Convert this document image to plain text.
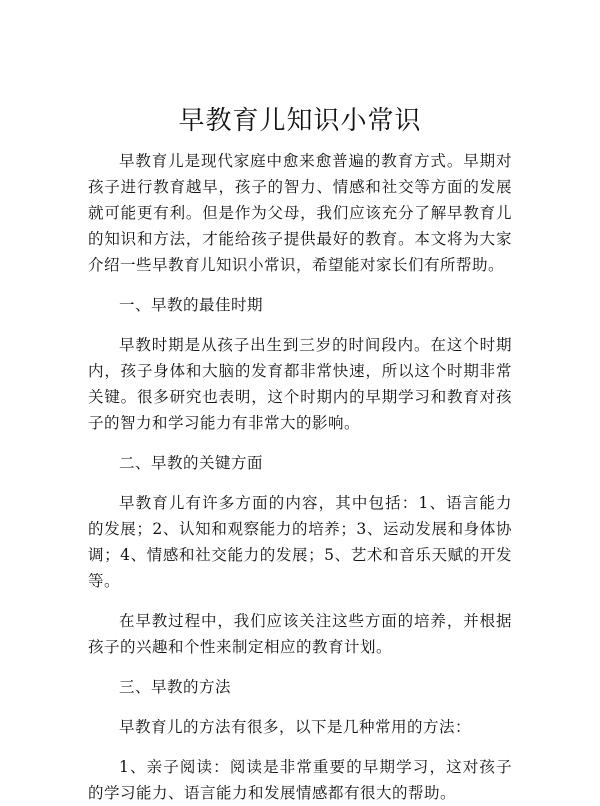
早教育儿知识小常识

早教育儿是现代家庭中愈来愈普遍的教育方式。早期对孩子进行教育越早，孩子的智力、情感和社交等方面的发展就可能更有利。但是作为父母，我们应该充分了解早教育儿的知识和方法，才能给孩子提供最好的教育。本文将为大家介绍一些早教育儿知识小常识，希望能对家长们有所帮助。

一、早教的最佳时期

早教时期是从孩子出生到三岁的时间段内。在这个时期内，孩子身体和大脑的发育都非常快速，所以这个时期非常关键。很多研究也表明，这个时期内的早期学习和教育对孩子的智力和学习能力有非常大的影响。

二、早教的关键方面

早教育儿有许多方面的内容，其中包括：1、语言能力的发展；2、认知和观察能力的培养；3、运动发展和身体协调；4、情感和社交能力的发展；5、艺术和音乐天赋的开发等。

在早教过程中，我们应该关注这些方面的培养，并根据孩子的兴趣和个性来制定相应的教育计划。

三、早教的方法

早教育儿的方法有很多，以下是几种常用的方法：

1、亲子阅读：阅读是非常重要的早期学习，这对孩子的学习能力、语言能力和发展情感都有很大的帮助。
